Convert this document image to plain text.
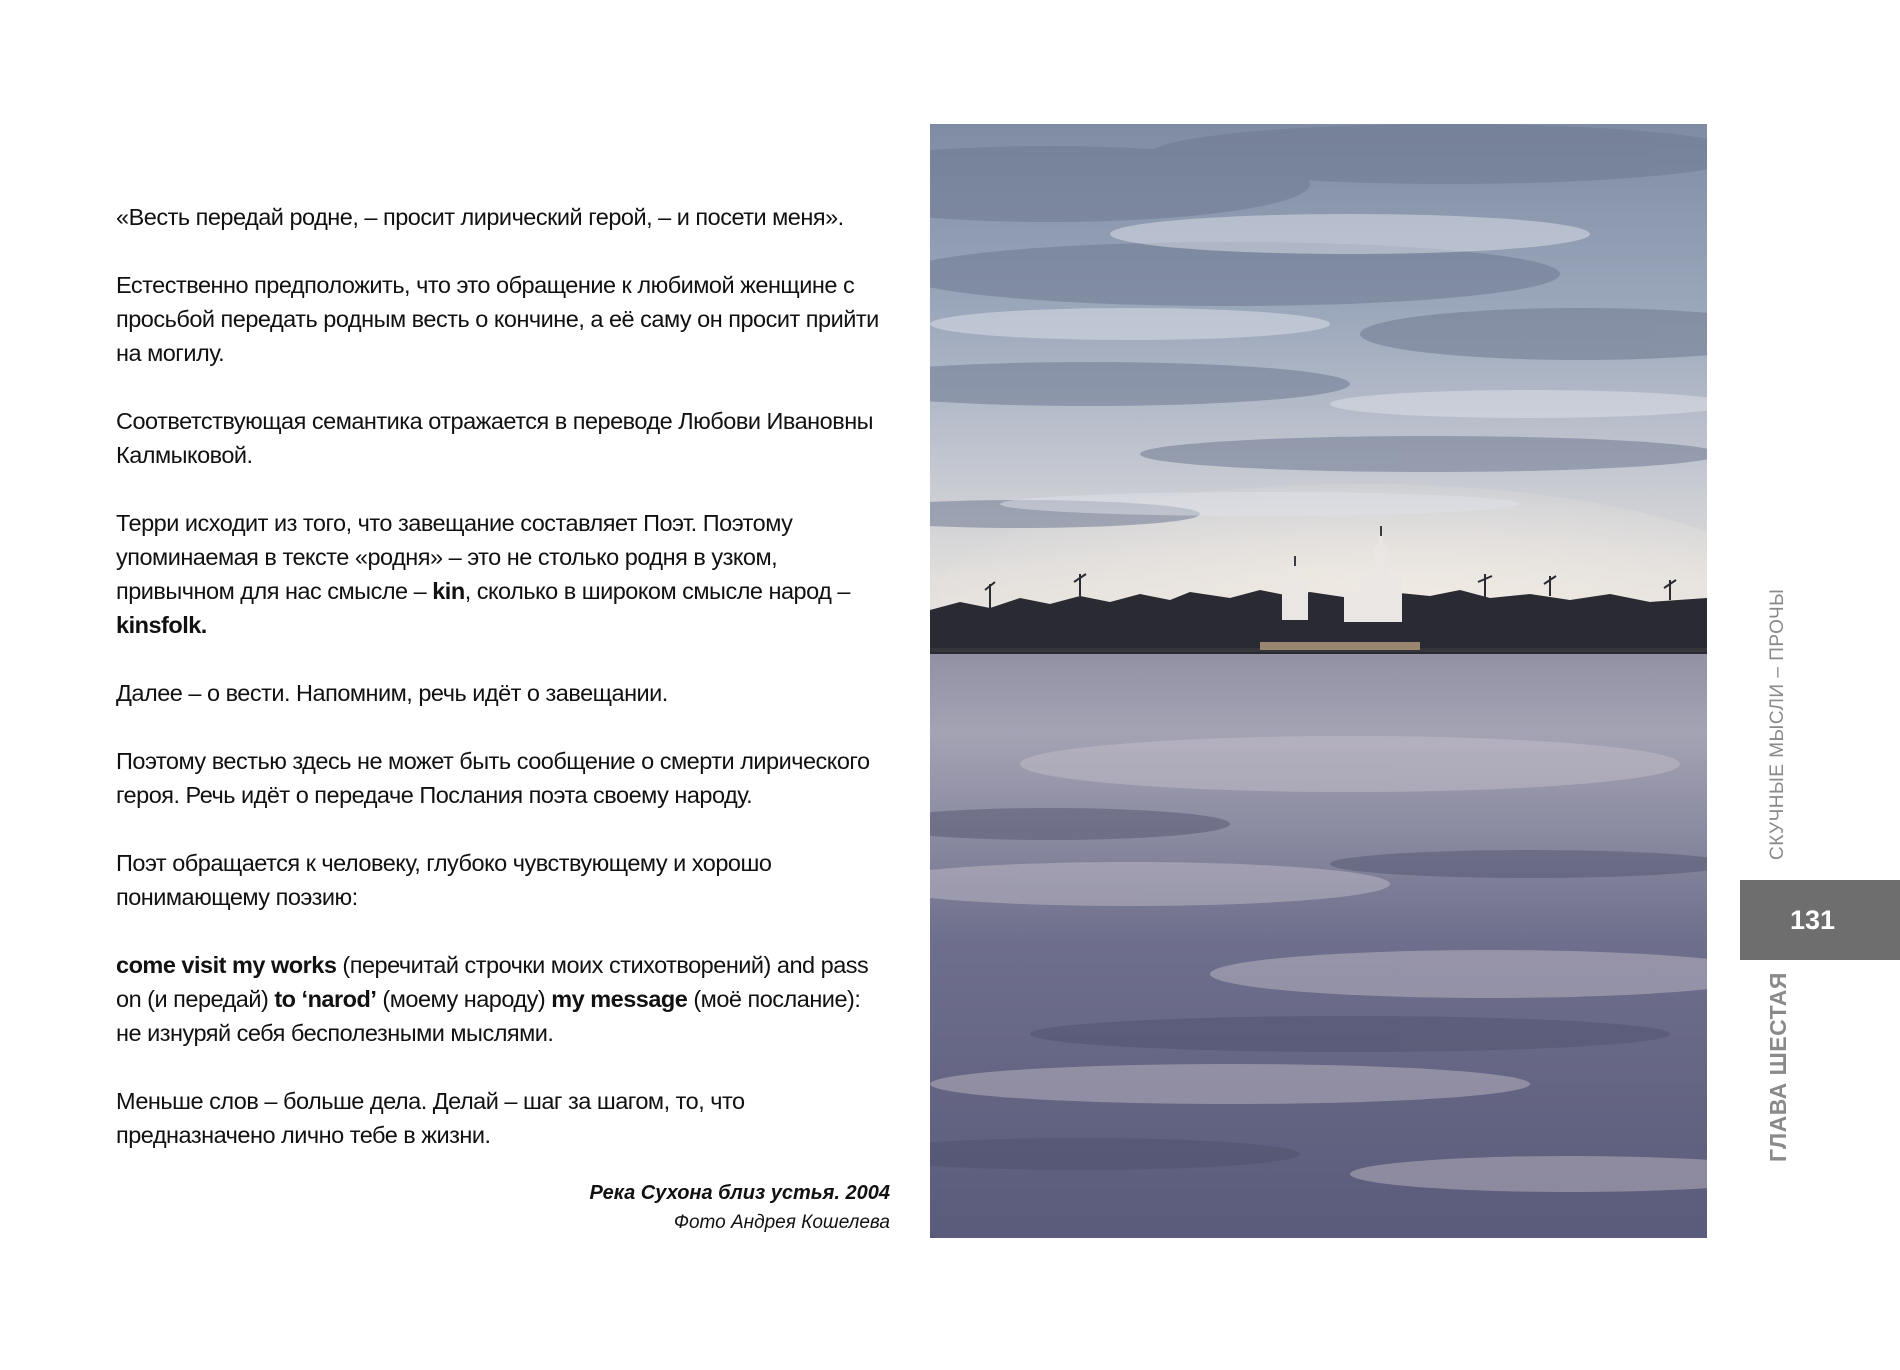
«Весть передай родне, – просит лирический герой, – и посети меня».

Естественно предположить, что это обращение к любимой женщине с просьбой передать родным весть о кончине, а её саму он просит прийти на могилу.

Соответствующая семантика отражается в переводе Любови Ивановны Калмыковой.

Терри исходит из того, что завещание составляет Поэт. Поэтому упоминаемая в тексте «родня» – это не столько родня в узком, привычном для нас смысле – kin, сколько в широком смысле народ – kinsfolk.

Далее – о вести. Напомним, речь идёт о завещании.

Поэтому вестью здесь не может быть сообщение о смерти лирического героя. Речь идёт о передаче Послания поэта своему народу.

Поэт обращается к человеку, глубоко чувствующему и хорошо понимающему поэзию:

come visit my works (перечитай строчки моих стихотворений) and pass on (и передай) to ‘narod’ (моему народу) my message (моё послание): не изнуряй себя бесполезными мыслями.

Меньше слов – больше дела. Делай – шаг за шагом, то, что предназначено лично тебе в жизни.

Река Сухона близ устья. 2004
Фото Андрея Кошелева
СКУЧНЫЕ МЫСЛИ – ПРОЧЫ
131
ГЛАВА ШЕСТАЯ
